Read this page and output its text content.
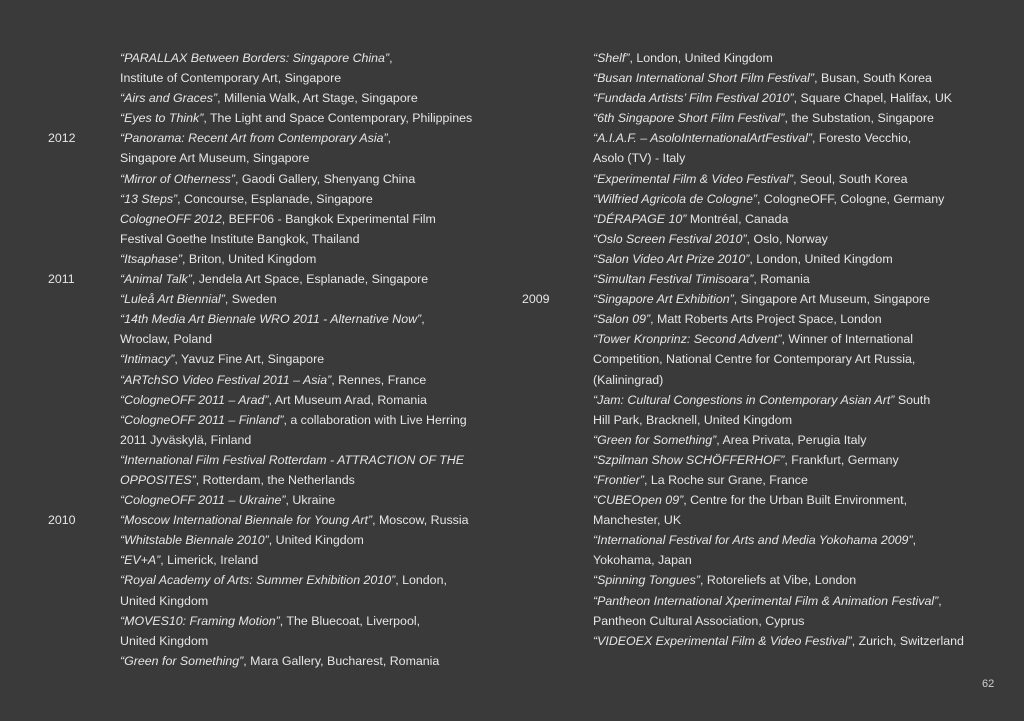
2012
2011
2010
“PARALLAX Between Borders: Singapore China”,
Institute of Contemporary Art, Singapore
“Airs and Graces”, Millenia Walk, Art Stage, Singapore
“Eyes to Think”, The Light and Space Contemporary, Philippines
“Panorama: Recent Art from Contemporary Asia”,
Singapore Art Museum, Singapore
“Mirror of Otherness”, Gaodi Gallery, Shenyang China
“13 Steps”, Concourse, Esplanade, Singapore
CologneOFF 2012, BEFF06 - Bangkok Experimental Film
Festival Goethe Institute Bangkok, Thailand
“Itsaphase”, Briton, United Kingdom
“Animal Talk”, Jendela Art Space, Esplanade, Singapore
“Luleå Art Biennial”, Sweden
“14th Media Art Biennale WRO 2011 - Alternative Now”,
Wroclaw, Poland
“Intimacy”, Yavuz Fine Art, Singapore
“ARTchSO Video Festival 2011 – Asia”, Rennes, France
“CologneOFF 2011 – Arad”, Art Museum Arad, Romania
“CologneOFF 2011 – Finland”, a collaboration with Live Herring
2011 Jyväskylä, Finland
“International Film Festival Rotterdam - ATTRACTION OF THE
OPPOSITES”, Rotterdam, the Netherlands
“CologneOFF 2011 – Ukraine”, Ukraine
“Moscow International Biennale for Young Art”, Moscow, Russia
“Whitstable Biennale 2010”, United Kingdom
“EV+A”, Limerick, Ireland
“Royal Academy of Arts: Summer Exhibition 2010”, London,
United Kingdom
“MOVES10: Framing Motion”, The Bluecoat, Liverpool,
United Kingdom
“Green for Something”, Mara Gallery, Bucharest, Romania
2009
“Shelf”, London, United Kingdom
“Busan International Short Film Festival”, Busan, South Korea
“Fundada Artists’ Film Festival 2010”, Square Chapel, Halifax, UK
“6th Singapore Short Film Festival”, the Substation, Singapore
“A.I.A.F. – AsoloInternationalArtFestival”, Foresto Vecchio,
Asolo (TV) - Italy
“Experimental Film & Video Festival”, Seoul, South Korea
“Wilfried Agricola de Cologne”, CologneOFF, Cologne, Germany
“DÉRAPAGE 10” Montréal, Canada
“Oslo Screen Festival 2010”, Oslo, Norway
“Salon Video Art Prize 2010”, London, United Kingdom
“Simultan Festival Timisoara”, Romania
“Singapore Art Exhibition”, Singapore Art Museum, Singapore
“Salon 09”, Matt Roberts Arts Project Space, London
“Tower Kronprinz: Second Advent”, Winner of International
Competition, National Centre for Contemporary Art Russia,
(Kaliningrad)
“Jam: Cultural Congestions in Contemporary Asian Art” South
Hill Park, Bracknell, United Kingdom
“Green for Something”, Area Privata, Perugia Italy
“Szpilman Show SCHÖFFERHOF”, Frankfurt, Germany
“Frontier”, La Roche sur Grane, France
“CUBEOpen 09”, Centre for the Urban Built Environment,
Manchester, UK
“International Festival for Arts and Media Yokohama 2009”,
Yokohama, Japan
“Spinning Tongues”, Rotoreliefs at Vibe, London
“Pantheon International Xperimental Film & Animation Festival”,
Pantheon Cultural Association, Cyprus
“VIDEOEX Experimental Film & Video Festival”, Zurich, Switzerland
62
